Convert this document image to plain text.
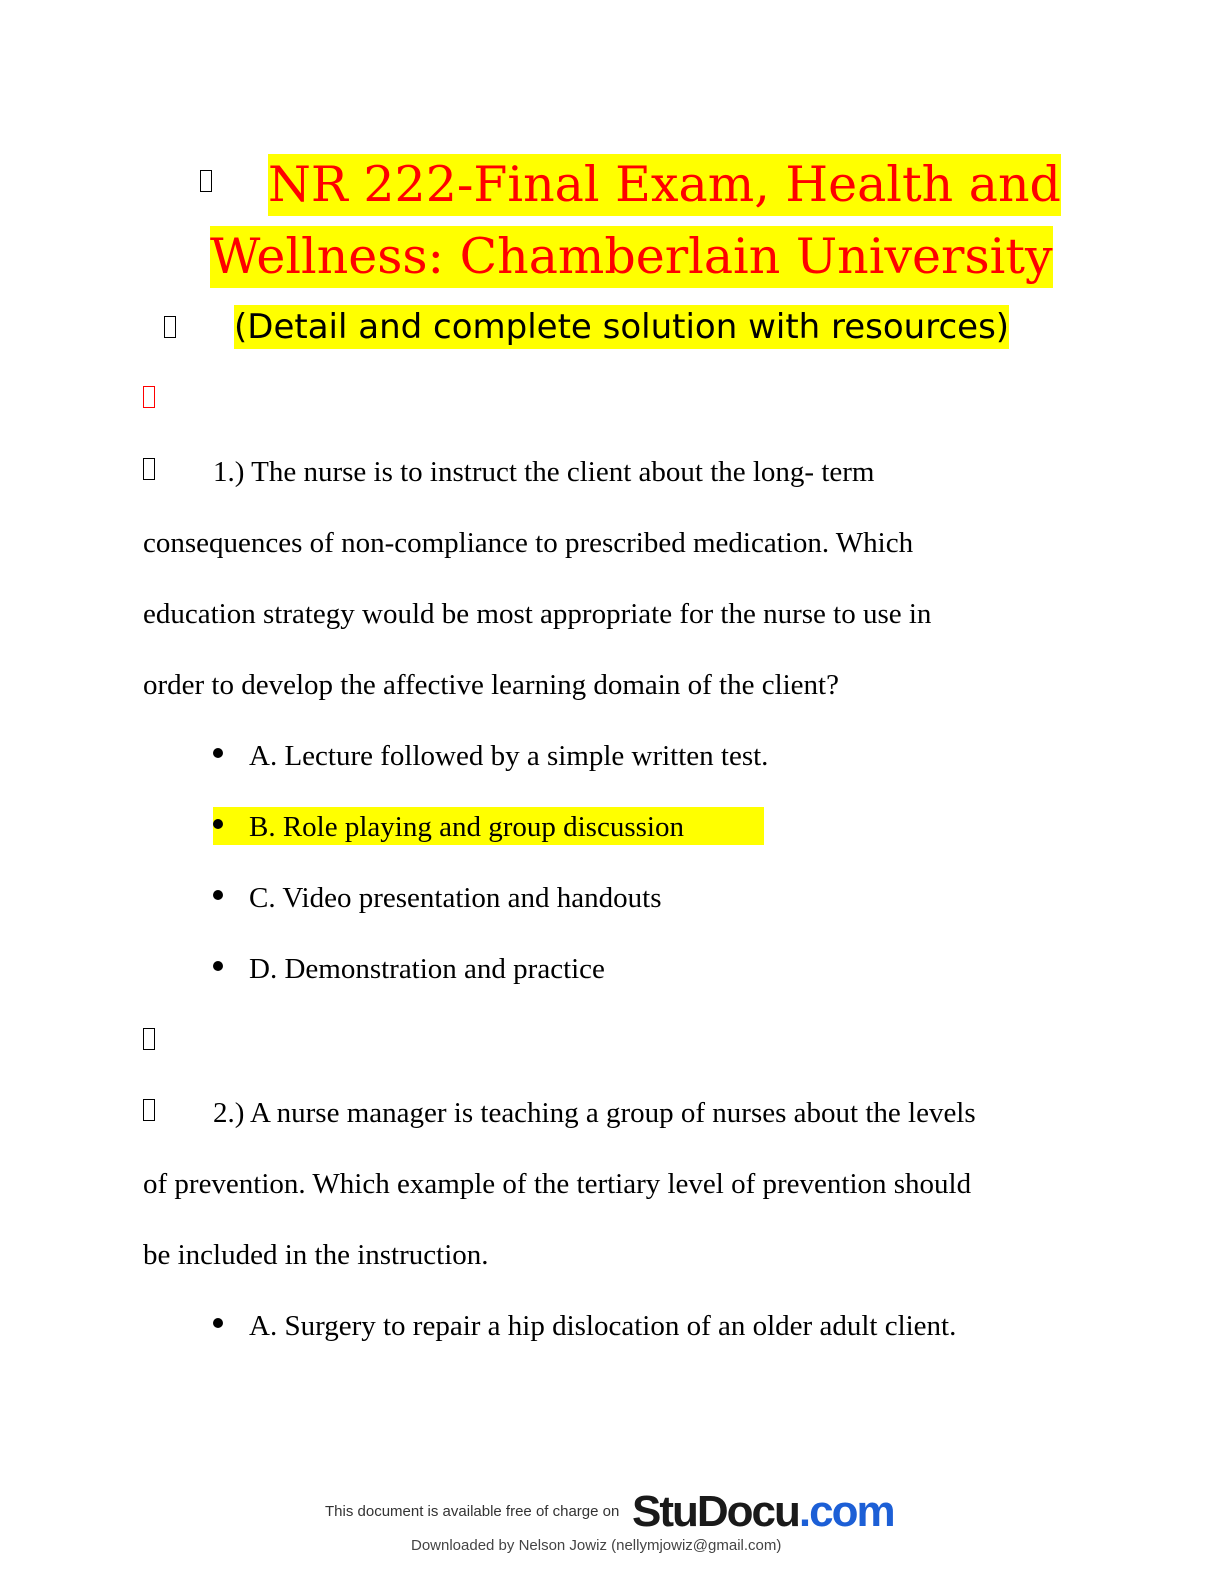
NR 222-Final Exam, Health and
Wellness: Chamberlain University
(Detail and complete solution with resources)
1.) The nurse is to instruct the client about the long- term
consequences of non-compliance to prescribed medication. Which
education strategy would be most appropriate for the nurse to use in
order to develop the affective learning domain of the client?
A. Lecture followed by a simple written test.
B. Role playing and group discussion
C. Video presentation and handouts
D. Demonstration and practice
2.) A nurse manager is teaching a group of nurses about the levels
of prevention. Which example of the tertiary level of prevention should
be included in the instruction.
A. Surgery to repair a hip dislocation of an older adult client.
This document is available free of charge on StuDocu.com
Downloaded by Nelson Jowiz (nellymjowiz@gmail.com)
